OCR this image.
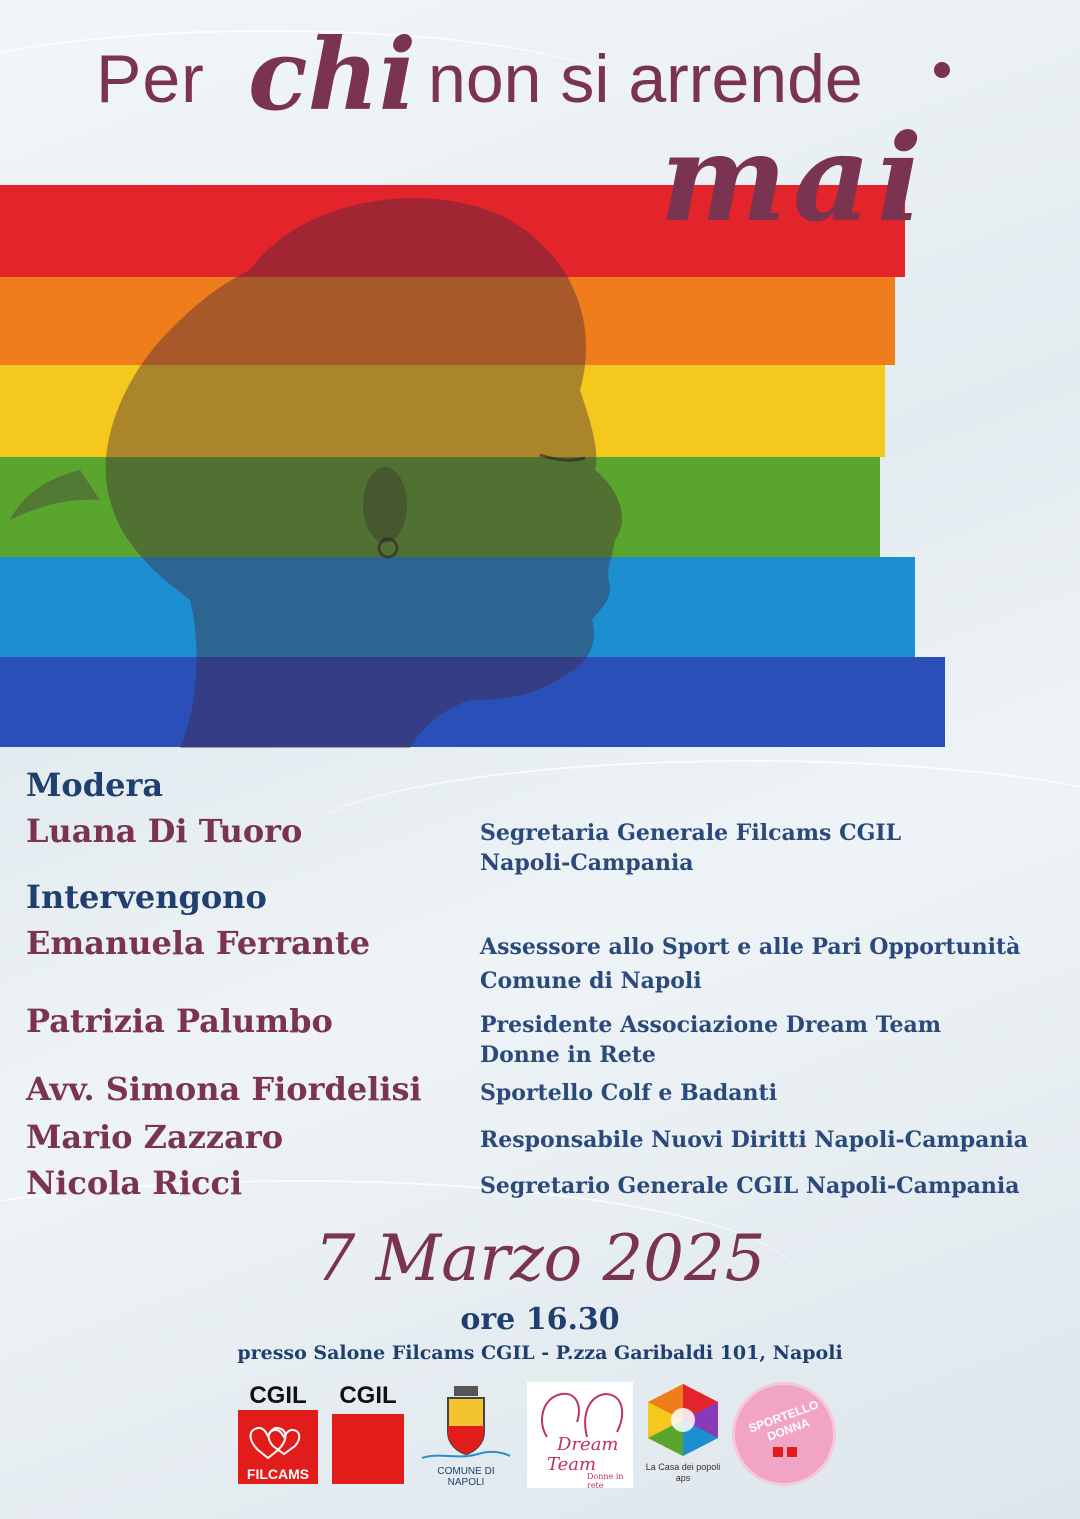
Per chi non si arrende
mai
Modera
Luana Di Tuoro	Segretaria Generale Filcams CGIL
Napoli-Campania
Intervengono
Emanuela Ferrante	Assessore allo Sport e alle Pari Opportunità
Comune di Napoli
Patrizia Palumbo	Presidente Associazione Dream Team
Donne in Rete
Avv. Simona Fiordelisi	Sportello Colf e Badanti
Mario Zazzaro	Responsabile Nuovi Diritti Napoli-Campania
Nicola Ricci	Segretario Generale CGIL Napoli-Campania
7 Marzo 2025
ore 16.30
presso Salone Filcams CGIL - P.zza Garibaldi 101, Napoli
CGIL
FILCAMS
CGIL
COMUNE DI NAPOLI
Dream
Team
Donne in rete
La Casa dei popoli aps
SPORTELLO DONNA
